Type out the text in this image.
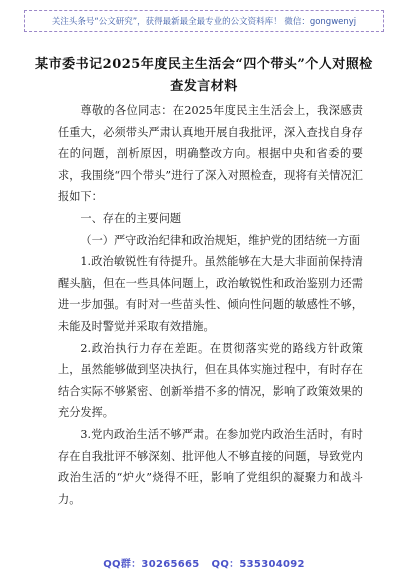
关注头条号“公文研究”，获得最新最全最专业的公文资料库！ 微信：gongwenyj
某市委书记2025年度民主生活会“四个带头”个人对照检
查发言材料

尊敬的各位同志：在2025年度民主生活会上，我深感责任重大，必须带头严肃认真地开展自我批评，深入查找自身存在的问题，剖析原因，明确整改方向。根据中央和省委的要求，我围绕“四个带头”进行了深入对照检查，现将有关情况汇报如下：

一、存在的主要问题

（一）严守政治纪律和政治规矩，维护党的团结统一方面

1.政治敏锐性有待提升。虽然能够在大是大非面前保持清醒头脑，但在一些具体问题上，政治敏锐性和政治鉴别力还需进一步加强。有时对一些苗头性、倾向性问题的敏感性不够，未能及时警觉并采取有效措施。

2.政治执行力存在差距。在贯彻落实党的路线方针政策上，虽然能够做到坚决执行，但在具体实施过程中，有时存在结合实际不够紧密、创新举措不多的情况，影响了政策效果的充分发挥。

3.党内政治生活不够严肃。在参加党内政治生活时，有时存在自我批评不够深刻、批评他人不够直接的问题，导致党内政治生活的“炉火”烧得不旺，影响了党组织的凝聚力和战斗力。

QQ群：30265665 QQ：535304092
